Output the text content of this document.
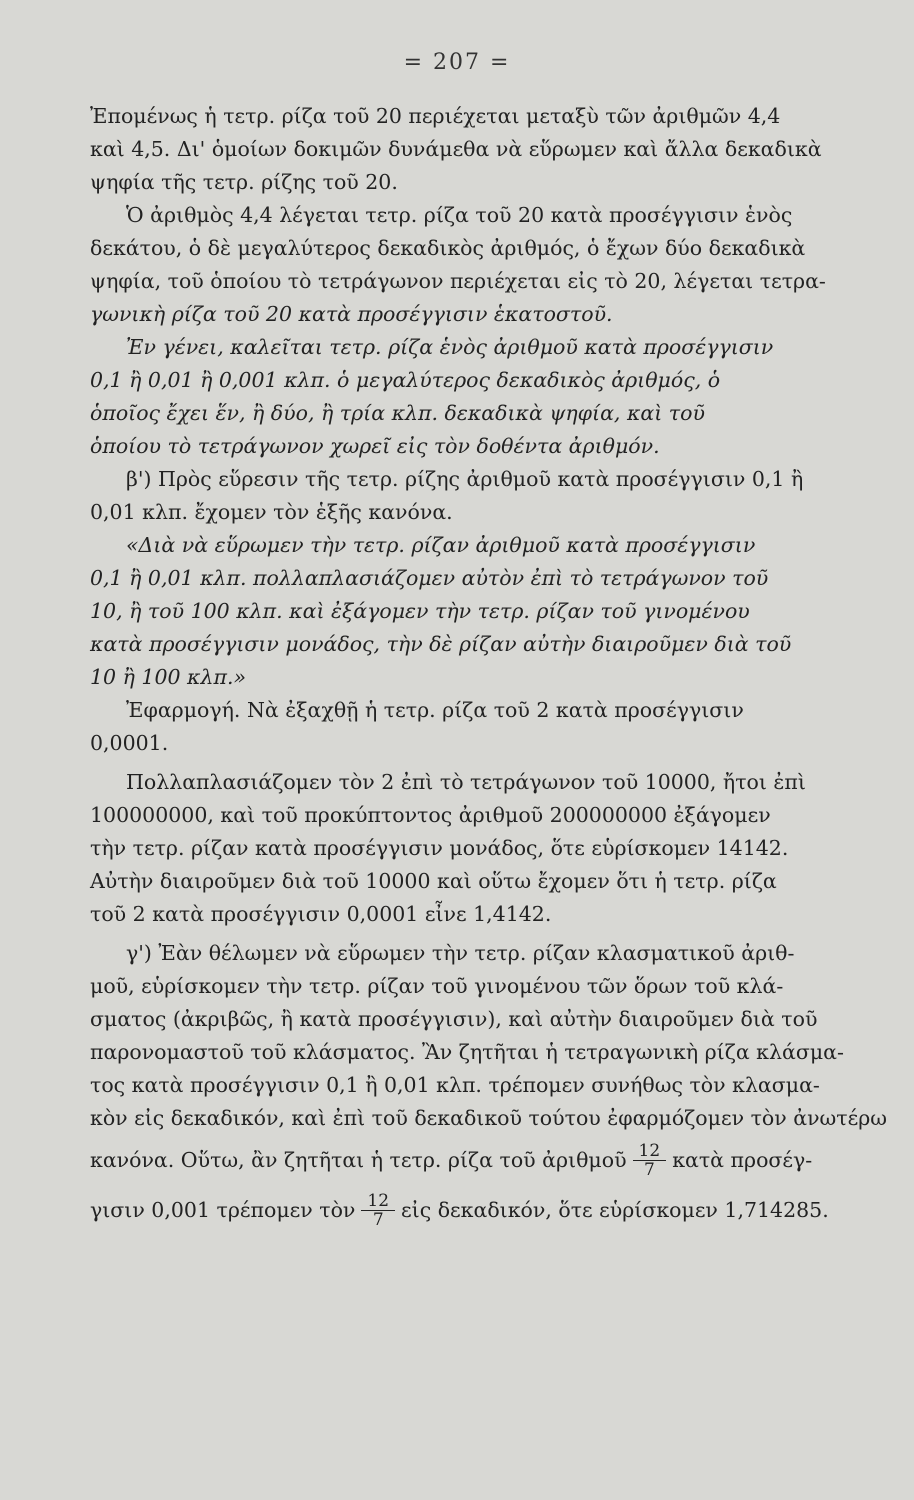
= 207 =
Ἐπομένως ἡ τετρ. ρίζα τοῦ 20 περιέχεται μεταξὺ τῶν ἀριθμῶν 4,4
καὶ 4,5. Δι' ὁμοίων δοκιμῶν δυνάμεθα νὰ εὕρωμεν καὶ ἄλλα δεκαδικὰ
ψηφία τῆς τετρ. ρίζης τοῦ 20.
Ὁ ἀριθμὸς 4,4 λέγεται τετρ. ρίζα τοῦ 20 κατὰ προσέγγισιν ἑνὸς
δεκάτου, ὁ δὲ μεγαλύτερος δεκαδικὸς ἀριθμός, ὁ ἔχων δύο δεκαδικὰ
ψηφία, τοῦ ὁποίου τὸ τετράγωνον περιέχεται εἰς τὸ 20, λέγεται τετρα-
γωνικὴ ρίζα τοῦ 20 κατὰ προσέγγισιν ἑκατοστοῦ.
Ἐν γένει, καλεῖται τετρ. ρίζα ἑνὸς ἀριθμοῦ κατὰ προσέγγισιν
0,1 ἢ 0,01 ἢ 0,001 κλπ. ὁ μεγαλύτερος δεκαδικὸς ἀριθμός, ὁ
ὁποῖος ἔχει ἕν, ἢ δύο, ἢ τρία κλπ. δεκαδικὰ ψηφία, καὶ τοῦ
ὁποίου τὸ τετράγωνον χωρεῖ εἰς τὸν δοθέντα ἀριθμόν.
β') Πρὸς εὕρεσιν τῆς τετρ. ρίζης ἀριθμοῦ κατὰ προσέγγισιν 0,1 ἢ
0,01 κλπ. ἔχομεν τὸν ἑξῆς κανόνα.
«Διὰ νὰ εὕρωμεν τὴν τετρ. ρίζαν ἀριθμοῦ κατὰ προσέγγισιν
0,1 ἢ 0,01 κλπ. πολλαπλασιάζομεν αὐτὸν ἐπὶ τὸ τετράγωνον τοῦ
10, ἢ τοῦ 100 κλπ. καὶ ἐξάγομεν τὴν τετρ. ρίζαν τοῦ γινομένου
κατὰ προσέγγισιν μονάδος, τὴν δὲ ρίζαν αὐτὴν διαιροῦμεν διὰ τοῦ
10 ἢ 100 κλπ.»
Ἐφαρμογή. Νὰ ἐξαχθῇ ἡ τετρ. ρίζα τοῦ 2 κατὰ προσέγγισιν
0,0001.
Πολλαπλασιάζομεν τὸν 2 ἐπὶ τὸ τετράγωνον τοῦ 10000, ἤτοι ἐπὶ
100000000, καὶ τοῦ προκύπτοντος ἀριθμοῦ 200000000 ἐξάγομεν
τὴν τετρ. ρίζαν κατὰ προσέγγισιν μονάδος, ὅτε εὑρίσκομεν 14142.
Αὐτὴν διαιροῦμεν διὰ τοῦ 10000 καὶ οὕτω ἔχομεν ὅτι ἡ τετρ. ρίζα
τοῦ 2 κατὰ προσέγγισιν 0,0001 εἶνε 1,4142.
γ') Ἐὰν θέλωμεν νὰ εὕρωμεν τὴν τετρ. ρίζαν κλασματικοῦ ἀριθ-
μοῦ, εὑρίσκομεν τὴν τετρ. ρίζαν τοῦ γινομένου τῶν ὅρων τοῦ κλά-
σματος (ἀκριβῶς, ἢ κατὰ προσέγγισιν), καὶ αὐτὴν διαιροῦμεν διὰ τοῦ
παρονομαστοῦ τοῦ κλάσματος. Ἂν ζητῆται ἡ τετραγωνικὴ ρίζα κλάσμα-
τος κατὰ προσέγγισιν 0,1 ἢ 0,01 κλπ. τρέπομεν συνήθως τὸν κλασμα-
κὸν εἰς δεκαδικόν, καὶ ἐπὶ τοῦ δεκαδικοῦ τούτου ἐφαρμόζομεν τὸν ἀνωτέρω
κανόνα. Οὕτω, ἂν ζητῆται ἡ τετρ. ρίζα τοῦ ἀριθμοῦ $\frac{12}{7}$ κατὰ προσέγ-
γισιν 0,001 τρέπομεν τὸν $\frac{12}{7}$ εἰς δεκαδικόν, ὅτε εὑρίσκομεν 1,714285.
